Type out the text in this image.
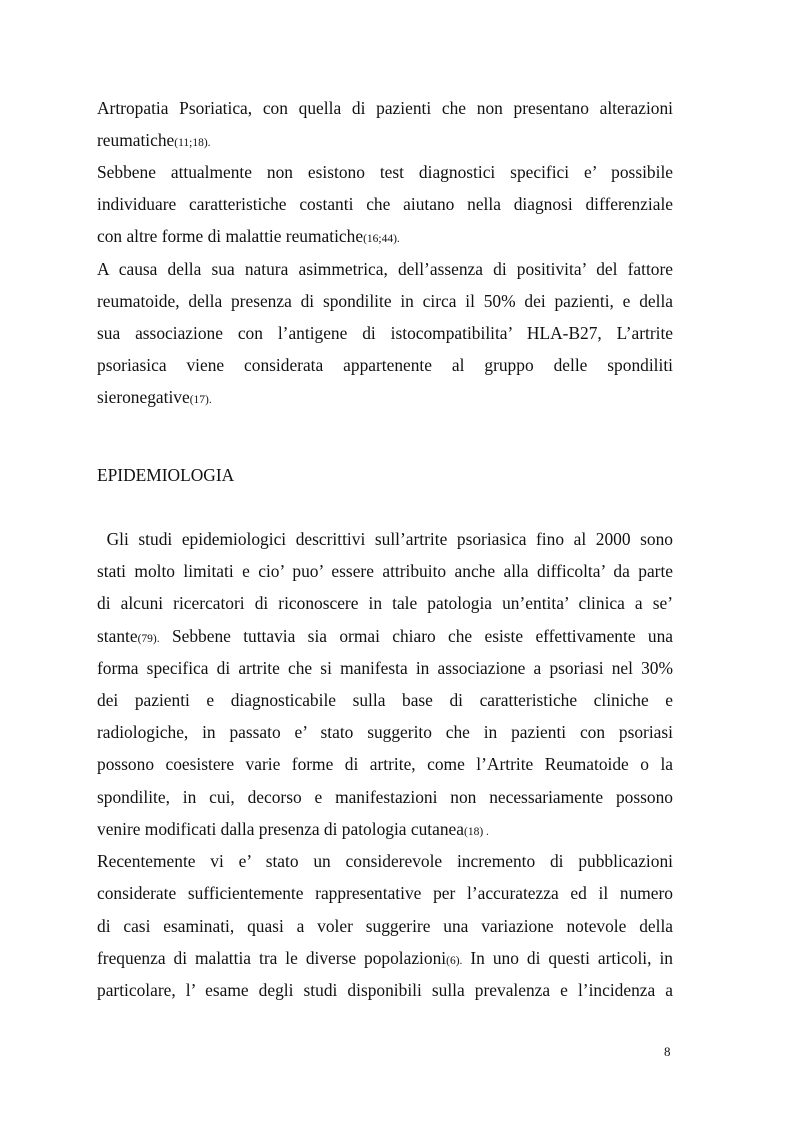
Artropatia Psoriatica, con quella di pazienti che non presentano alterazioni
reumatiche(11;18).
Sebbene attualmente non esistono test diagnostici specifici e’ possibile
individuare caratteristiche costanti che aiutano nella diagnosi differenziale
con altre forme di malattie reumatiche(16;44).
A causa della sua natura asimmetrica, dell’assenza di positivita’ del fattore
reumatoide, della presenza di spondilite in circa il 50% dei pazienti, e della
sua associazione con l’antigene di istocompatibilita’ HLA-B27, L’artrite
psoriasica viene considerata appartenente al gruppo delle spondiliti
sieronegative(17).
EPIDEMIOLOGIA
Gli studi epidemiologici descrittivi sull’artrite psoriasica fino al 2000 sono
stati molto limitati e cio’ puo’ essere attribuito anche alla difficolta’ da parte
di alcuni ricercatori di riconoscere in tale patologia un’entita’ clinica a se’
stante(79). Sebbene tuttavia sia ormai chiaro che esiste effettivamente una
forma specifica di artrite che si manifesta in associazione a psoriasi nel 30%
dei pazienti e diagnosticabile sulla base di caratteristiche cliniche e
radiologiche, in passato e’ stato suggerito che in pazienti con psoriasi
possono coesistere varie forme di artrite, come l’Artrite Reumatoide o la
spondilite, in cui, decorso e manifestazioni non necessariamente possono
venire modificati dalla presenza di patologia cutanea(18) .
Recentemente vi e’ stato un considerevole incremento di pubblicazioni
considerate sufficientemente rappresentative per l’accuratezza ed il numero
di casi esaminati, quasi a voler suggerire una variazione notevole della
frequenza di malattia tra le diverse popolazioni(6). In uno di questi articoli, in
particolare, l’ esame degli studi disponibili sulla prevalenza e l’incidenza a
8
